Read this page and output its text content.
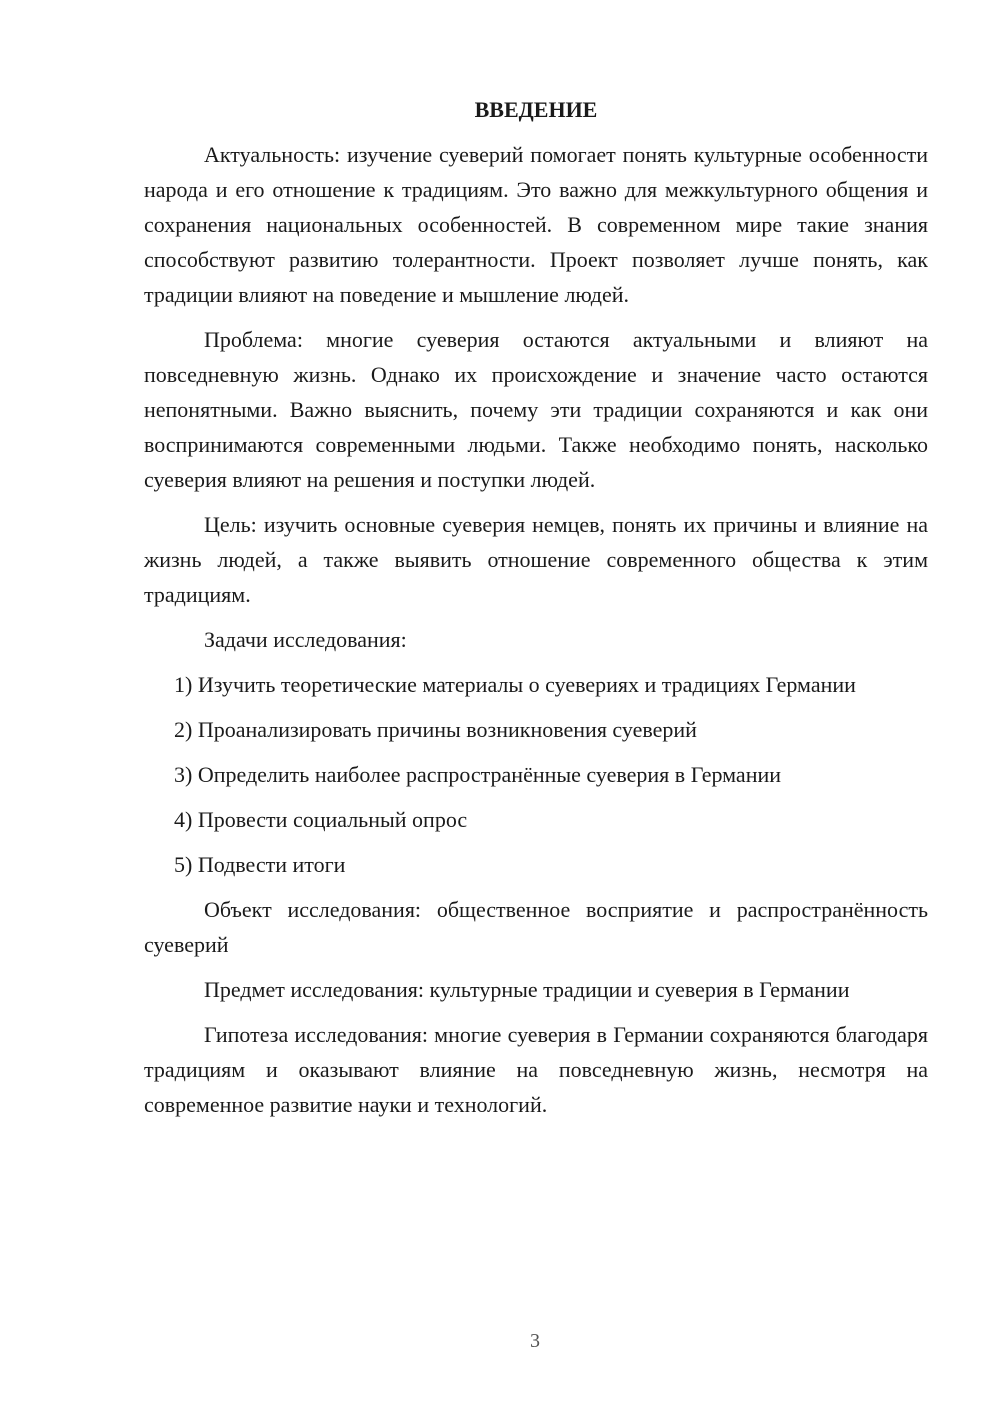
ВВЕДЕНИЕ

Актуальность: изучение суеверий помогает понять культурные особенности народа и его отношение к традициям. Это важно для межкультурного общения и сохранения национальных особенностей. В современном мире такие знания способствуют развитию толерантности. Проект позволяет лучше понять, как традиции влияют на поведение и мышление людей.

Проблема: многие суеверия остаются актуальными и влияют на повседневную жизнь. Однако их происхождение и значение часто остаются непонятными. Важно выяснить, почему эти традиции сохраняются и как они воспринимаются современными людьми. Также необходимо понять, насколько суеверия влияют на решения и поступки людей.

Цель: изучить основные суеверия немцев, понять их причины и влияние на жизнь людей, а также выявить отношение современного общества к этим традициям.

Задачи исследования:

1) Изучить теоретические материалы о суевериях и традициях Германии

2) Проанализировать причины возникновения суеверий

3) Определить наиболее распространённые суеверия в Германии

4) Провести социальный опрос

5) Подвести итоги

Объект исследования: общественное восприятие и распространённость суеверий

Предмет исследования: культурные традиции и суеверия в Германии

Гипотеза исследования: многие суеверия в Германии сохраняются благодаря традициям и оказывают влияние на повседневную жизнь, несмотря на современное развитие науки и технологий.

3
